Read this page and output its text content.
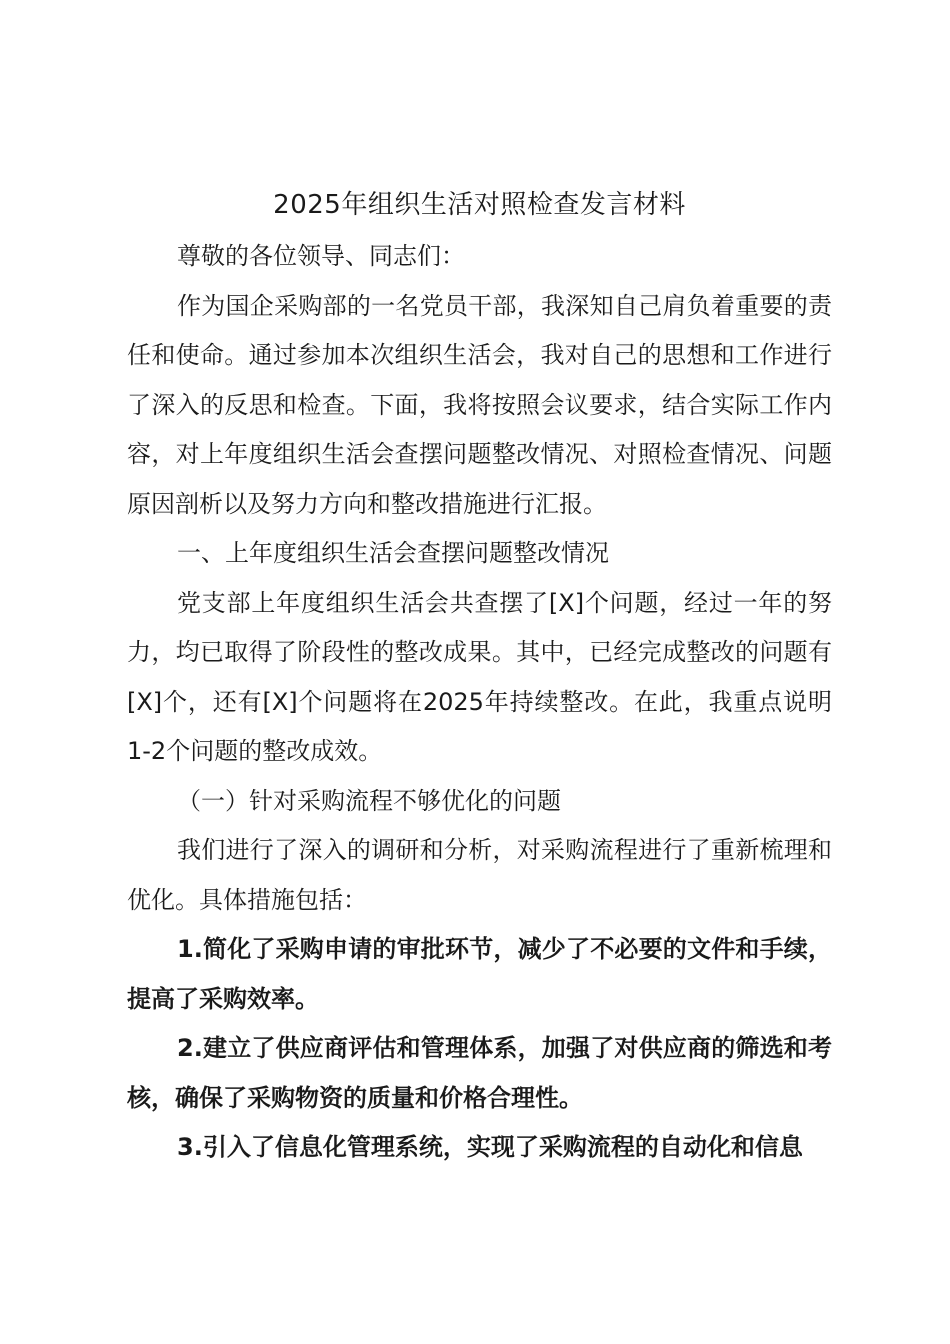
2025年组织生活对照检查发言材料

尊敬的各位领导、同志们：

作为国企采购部的一名党员干部，我深知自己肩负着重要的责任和使命。通过参加本次组织生活会，我对自己的思想和工作进行了深入的反思和检查。下面，我将按照会议要求，结合实际工作内容，对上年度组织生活会查摆问题整改情况、对照检查情况、问题原因剖析以及努力方向和整改措施进行汇报。

一、上年度组织生活会查摆问题整改情况

党支部上年度组织生活会共查摆了[X]个问题，经过一年的努力，均已取得了阶段性的整改成果。其中，已经完成整改的问题有[X]个，还有[X]个问题将在2025年持续整改。在此，我重点说明1-2个问题的整改成效。

（一）针对采购流程不够优化的问题

我们进行了深入的调研和分析，对采购流程进行了重新梳理和优化。具体措施包括：

1.简化了采购申请的审批环节，减少了不必要的文件和手续，提高了采购效率。

2.建立了供应商评估和管理体系，加强了对供应商的筛选和考核，确保了采购物资的质量和价格合理性。

3.引入了信息化管理系统，实现了采购流程的自动化和信息
